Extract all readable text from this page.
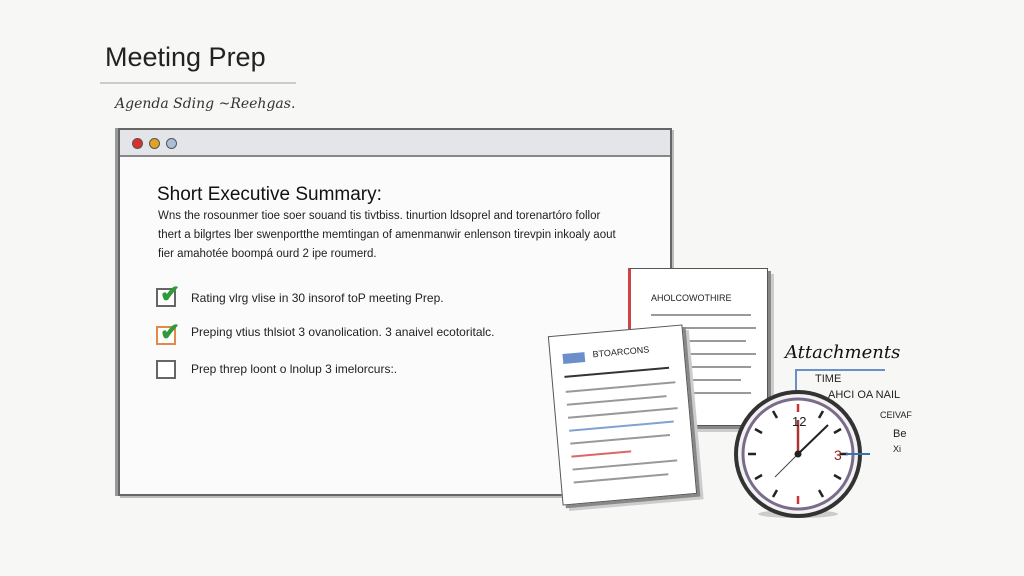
Meeting Prep
Agenda Sding ~Reehgas.
Short Executive Summary:
Wns the rosounmer tioe soer souand tis tivtbiss. tinurtion ldsoprel and torenartóro follor
thert a bilgrtes lber swenportthe memtingan of amenmanwir enlenson tirevpin inkoaly aout
fier amahotée boompá ourd 2 ipe roumerd.
✔ Rating vlrg vlise in 30 insorof toP meeting Prep.
✔ Preping vtius thlsiot 3 ovanolication. 3 anaivel ecotoritalc.
Prep threp loont o lnolup 3 imelorcurs:.
AHOLCOWOTHIRE
BTOARCONS	Attachments
TIME
AHCI OA NAIL
CEIVAF
Be
Xi
12
3
